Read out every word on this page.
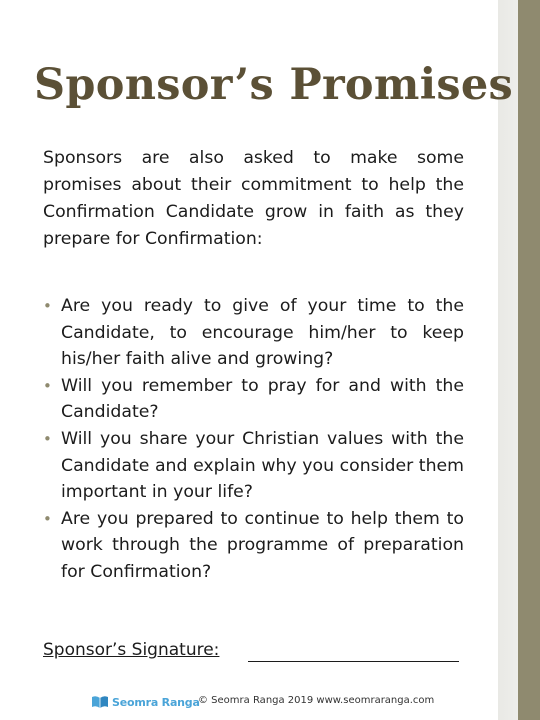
Sponsor’s Promises

Sponsors are also asked to make some promises about their commitment to help the Confirmation Candidate grow in faith as they prepare for Confirmation:

• Are you ready to give of your time to the Candidate, to encourage him/her to keep his/her faith alive and growing?
• Will you remember to pray for and with the Candidate?
• Will you share your Christian values with the Candidate and explain why you consider them important in your life?
• Are you prepared to continue to help them to work through the programme of preparation for Confirmation?
Sponsor’s Signature:
Seomra Ranga
© Seomra Ranga 2019 www.seomraranga.com
